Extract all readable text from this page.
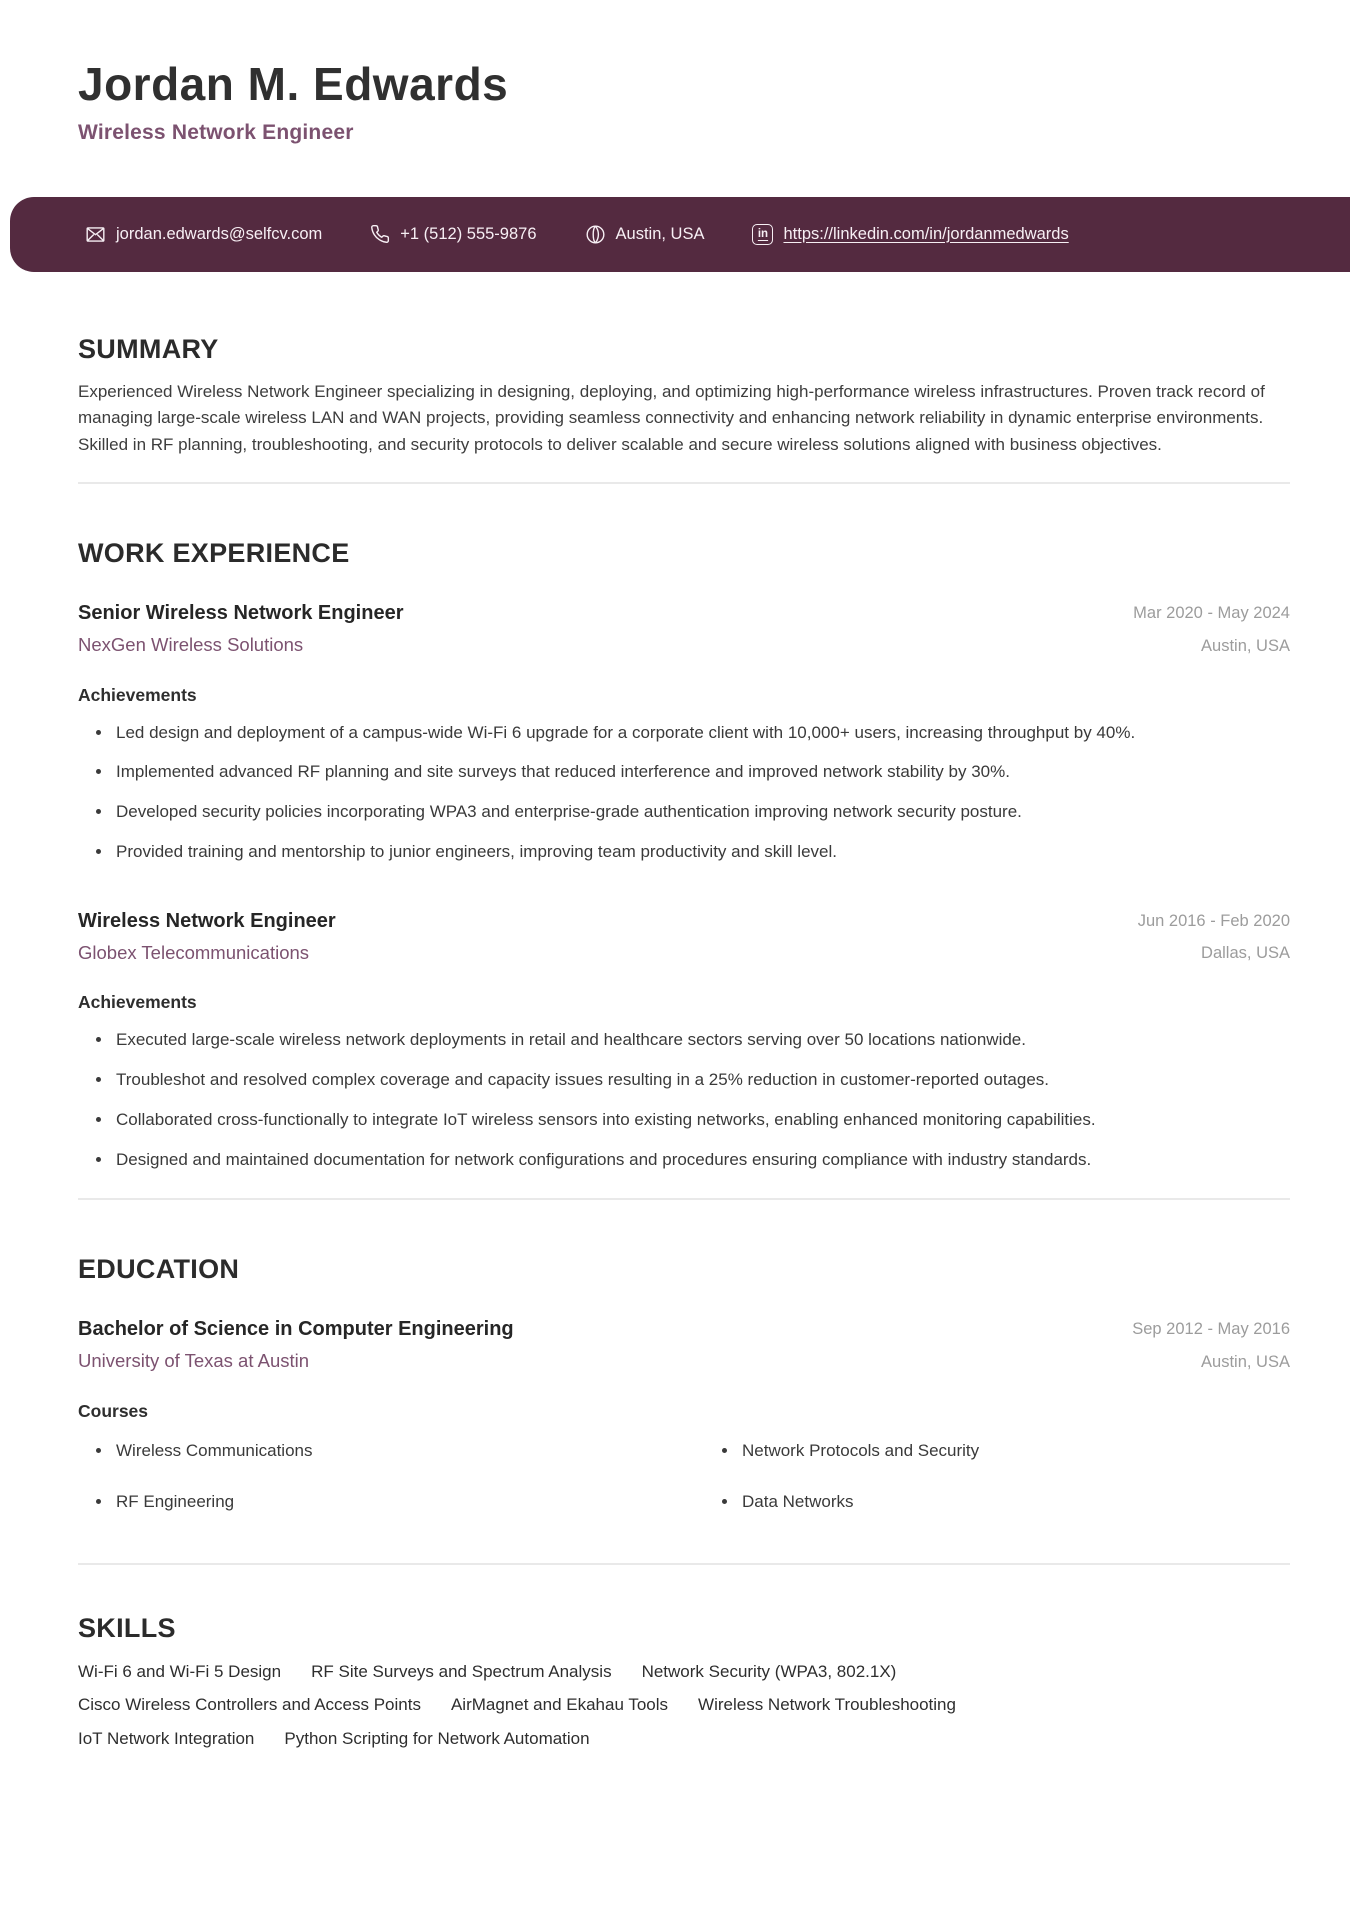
Jordan M. Edwards
Wireless Network Engineer
jordan.edwards@selfcv.com	+1 (512) 555-9876	Austin, USA	in https://linkedin.com/in/jordanmedwards
SUMMARY

Experienced Wireless Network Engineer specializing in designing, deploying, and optimizing high-performance wireless infrastructures. Proven track record of managing large-scale wireless LAN and WAN projects, providing seamless connectivity and enhancing network reliability in dynamic enterprise environments. Skilled in RF planning, troubleshooting, and security protocols to deliver scalable and secure wireless solutions aligned with business objectives.

WORK EXPERIENCE
Senior Wireless Network Engineer
NexGen Wireless Solutions
Mar 2020 - May 2024
Austin, USA
Achievements
Led design and deployment of a campus-wide Wi-Fi 6 upgrade for a corporate client with 10,000+ users, increasing throughput by 40%.
Implemented advanced RF planning and site surveys that reduced interference and improved network stability by 30%.
Developed security policies incorporating WPA3 and enterprise-grade authentication improving network security posture.
Provided training and mentorship to junior engineers, improving team productivity and skill level.
Wireless Network Engineer
Globex Telecommunications
Jun 2016 - Feb 2020
Dallas, USA
Achievements
Executed large-scale wireless network deployments in retail and healthcare sectors serving over 50 locations nationwide.
Troubleshot and resolved complex coverage and capacity issues resulting in a 25% reduction in customer-reported outages.
Collaborated cross-functionally to integrate IoT wireless sensors into existing networks, enabling enhanced monitoring capabilities.
Designed and maintained documentation for network configurations and procedures ensuring compliance with industry standards.
EDUCATION
Bachelor of Science in Computer Engineering
University of Texas at Austin
Sep 2012 - May 2016
Austin, USA
Courses
Wireless Communications	Network Protocols and Security
RF Engineering	Data Networks
SKILLS
Wi-Fi 6 and Wi-Fi 5 Design RF Site Surveys and Spectrum Analysis Network Security (WPA3, 802.1X)
Cisco Wireless Controllers and Access Points AirMagnet and Ekahau Tools Wireless Network Troubleshooting
IoT Network Integration Python Scripting for Network Automation
